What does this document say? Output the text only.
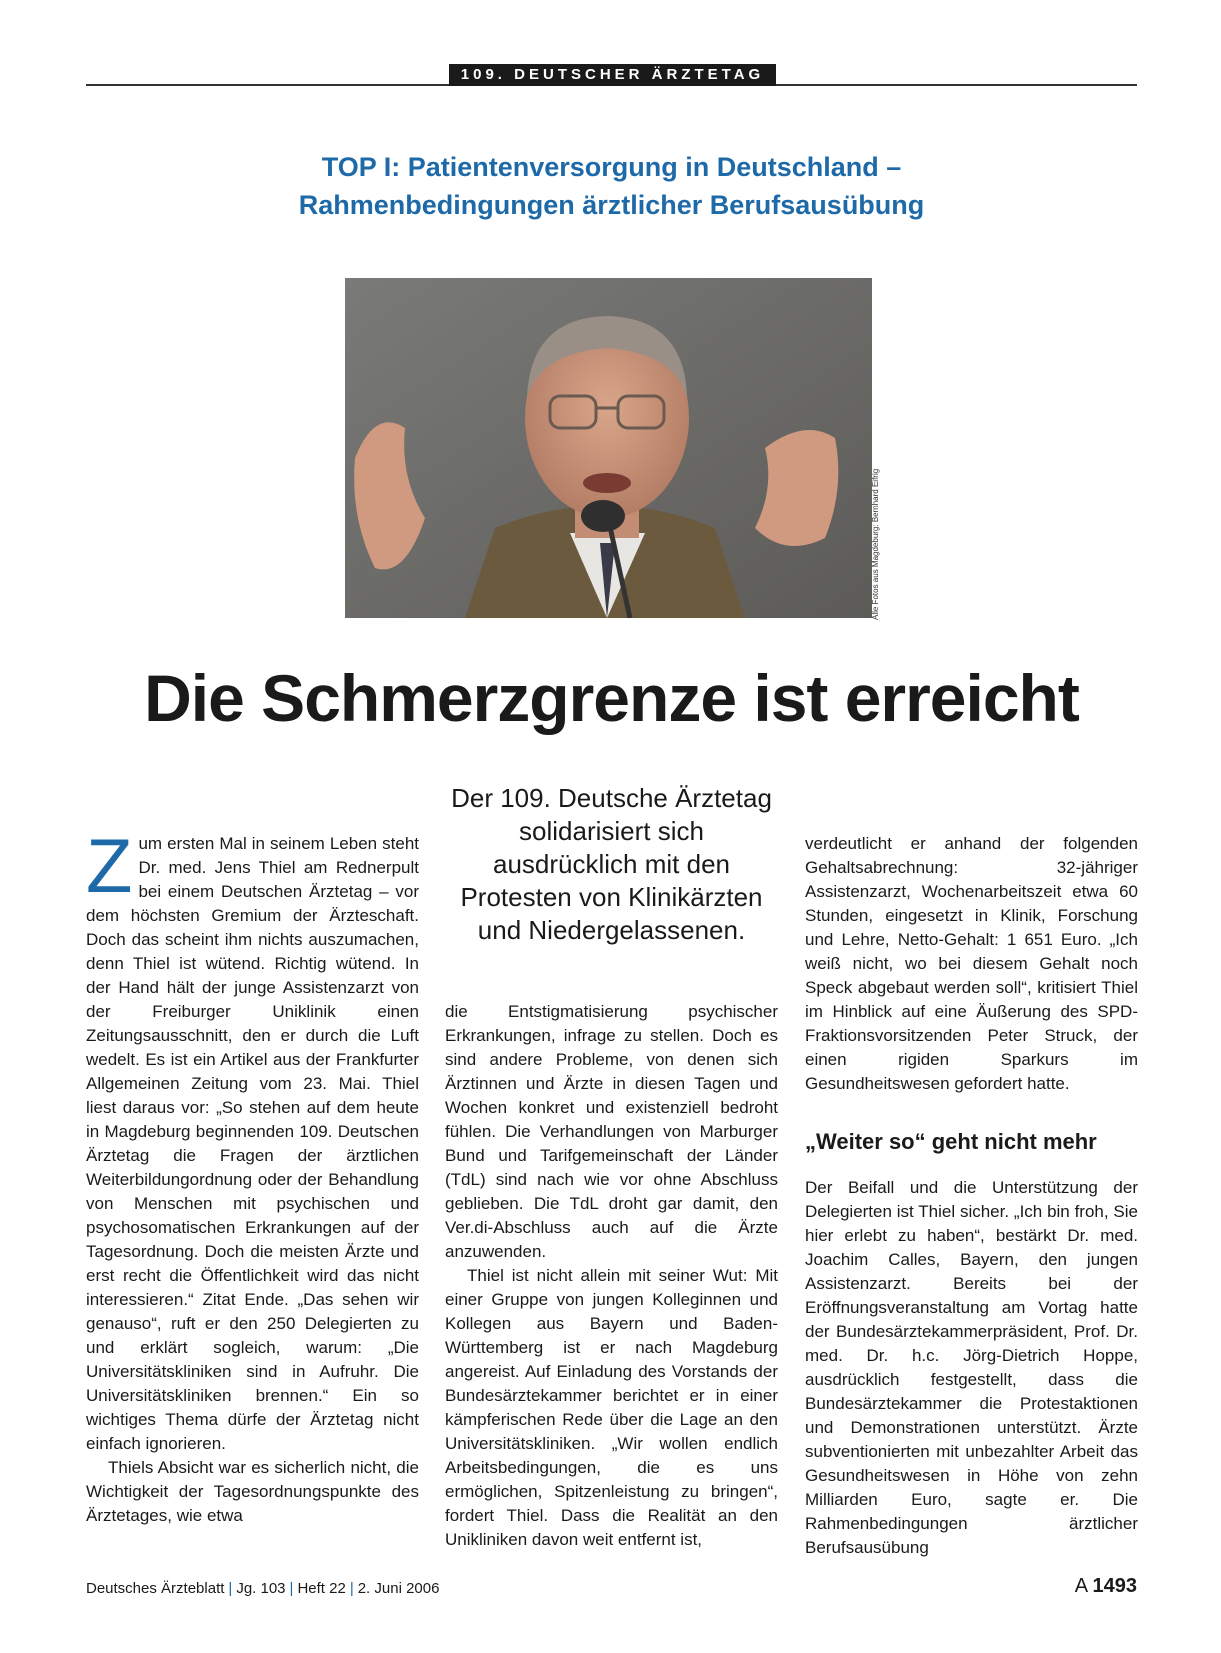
109. DEUTSCHER ÄRZTETAG
TOP I: Patientenversorgung in Deutschland –
Rahmenbedingungen ärztlicher Berufsausübung
Alle Fotos aus Magdeburg: Bernhard Eifrig
Die Schmerzgrenze ist erreicht

Zum ersten Mal in seinem Leben steht Dr. med. Jens Thiel am Rednerpult bei einem Deutschen Ärztetag – vor dem höchsten Gremium der Ärzteschaft. Doch das scheint ihm nichts auszumachen, denn Thiel ist wütend. Richtig wütend. In der Hand hält der junge Assistenzarzt von der Freiburger Uniklinik einen Zeitungsausschnitt, den er durch die Luft wedelt. Es ist ein Artikel aus der Frankfurter Allgemeinen Zeitung vom 23. Mai. Thiel liest daraus vor: „So stehen auf dem heute in Magdeburg beginnenden 109. Deutschen Ärztetag die Fragen der ärztlichen Weiterbildungordnung oder der Behandlung von Menschen mit psychischen und psychosomatischen Erkrankungen auf der Tagesordnung. Doch die meisten Ärzte und erst recht die Öffentlichkeit wird das nicht interessieren.“ Zitat Ende. „Das sehen wir genauso“, ruft er den 250 Delegierten zu und erklärt sogleich, warum: „Die Universitätskliniken sind in Aufruhr. Die Universitätskliniken brennen.“ Ein so wichtiges Thema dürfe der Ärztetag nicht einfach ignorieren.

Thiels Absicht war es sicherlich nicht, die Wichtigkeit der Tagesordnungspunkte des Ärztetages, wie etwa

Der 109. Deutsche Ärztetag solidarisiert sich ausdrücklich mit den Protesten von Klinikärzten und Niedergelassenen.

die Entstigmatisierung psychischer Erkrankungen, infrage zu stellen. Doch es sind andere Probleme, von denen sich Ärztinnen und Ärzte in diesen Tagen und Wochen konkret und existenziell bedroht fühlen. Die Verhandlungen von Marburger Bund und Tarifgemeinschaft der Länder (TdL) sind nach wie vor ohne Abschluss geblieben. Die TdL droht gar damit, den Ver.di-Abschluss auch auf die Ärzte anzuwenden.

Thiel ist nicht allein mit seiner Wut: Mit einer Gruppe von jungen Kolleginnen und Kollegen aus Bayern und Baden-Württemberg ist er nach Magdeburg angereist. Auf Einladung des Vorstands der Bundesärztekammer berichtet er in einer kämpferischen Rede über die Lage an den Universitätskliniken. „Wir wollen endlich Arbeitsbedingungen, die es uns ermöglichen, Spitzenleistung zu bringen“, fordert Thiel. Dass die Realität an den Unikliniken davon weit entfernt ist,

verdeutlicht er anhand der folgenden Gehaltsabrechnung: 32-jähriger Assistenzarzt, Wochenarbeitszeit etwa 60 Stunden, eingesetzt in Klinik, Forschung und Lehre, Netto-Gehalt: 1 651 Euro. „Ich weiß nicht, wo bei diesem Gehalt noch Speck abgebaut werden soll“, kritisiert Thiel im Hinblick auf eine Äußerung des SPD-Fraktionsvorsitzenden Peter Struck, der einen rigiden Sparkurs im Gesundheitswesen gefordert hatte.

„Weiter so“ geht nicht mehr

Der Beifall und die Unterstützung der Delegierten ist Thiel sicher. „Ich bin froh, Sie hier erlebt zu haben“, bestärkt Dr. med. Joachim Calles, Bayern, den jungen Assistenzarzt. Bereits bei der Eröffnungsveranstaltung am Vortag hatte der Bundesärztekammerpräsident, Prof. Dr. med. Dr. h.c. Jörg-Dietrich Hoppe, ausdrücklich festgestellt, dass die Bundesärztekammer die Protestaktionen und Demonstrationen unterstützt. Ärzte subventionierten mit unbezahlter Arbeit das Gesundheitswesen in Höhe von zehn Milliarden Euro, sagte er. Die Rahmenbedingungen ärztlicher Berufsausübung

Deutsches Ärzteblatt | Jg. 103 | Heft 22 | 2. Juni 2006	A 1493
